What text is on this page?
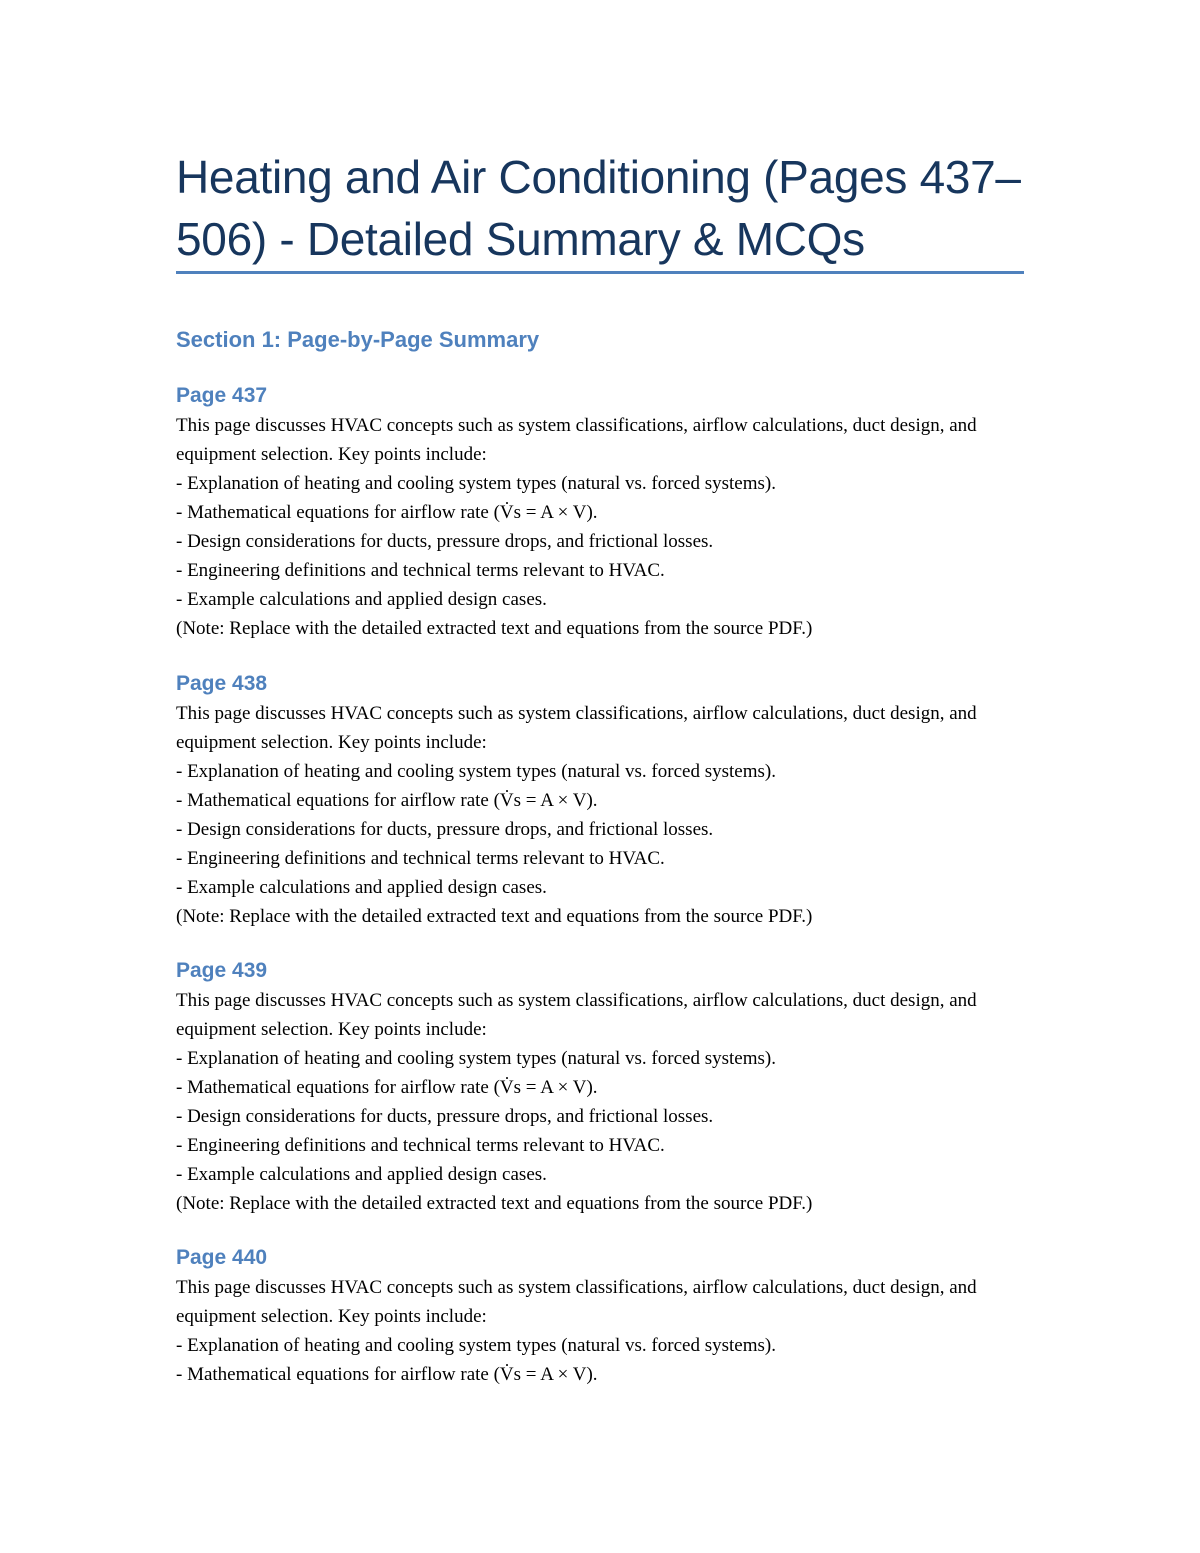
Heating and Air Conditioning (Pages 437–506) - Detailed Summary & MCQs
Section 1: Page-by-Page Summary
Page 437

This page discusses HVAC concepts such as system classifications, airflow calculations, duct design, and equipment selection. Key points include:
- Explanation of heating and cooling system types (natural vs. forced systems).
- Mathematical equations for airflow rate (V̇s = A × V).
- Design considerations for ducts, pressure drops, and frictional losses.
- Engineering definitions and technical terms relevant to HVAC.
- Example calculations and applied design cases.
(Note: Replace with the detailed extracted text and equations from the source PDF.)

Page 438

This page discusses HVAC concepts such as system classifications, airflow calculations, duct design, and equipment selection. Key points include:
- Explanation of heating and cooling system types (natural vs. forced systems).
- Mathematical equations for airflow rate (V̇s = A × V).
- Design considerations for ducts, pressure drops, and frictional losses.
- Engineering definitions and technical terms relevant to HVAC.
- Example calculations and applied design cases.
(Note: Replace with the detailed extracted text and equations from the source PDF.)

Page 439

This page discusses HVAC concepts such as system classifications, airflow calculations, duct design, and equipment selection. Key points include:
- Explanation of heating and cooling system types (natural vs. forced systems).
- Mathematical equations for airflow rate (V̇s = A × V).
- Design considerations for ducts, pressure drops, and frictional losses.
- Engineering definitions and technical terms relevant to HVAC.
- Example calculations and applied design cases.
(Note: Replace with the detailed extracted text and equations from the source PDF.)

Page 440

This page discusses HVAC concepts such as system classifications, airflow calculations, duct design, and equipment selection. Key points include:
- Explanation of heating and cooling system types (natural vs. forced systems).
- Mathematical equations for airflow rate (V̇s = A × V).
